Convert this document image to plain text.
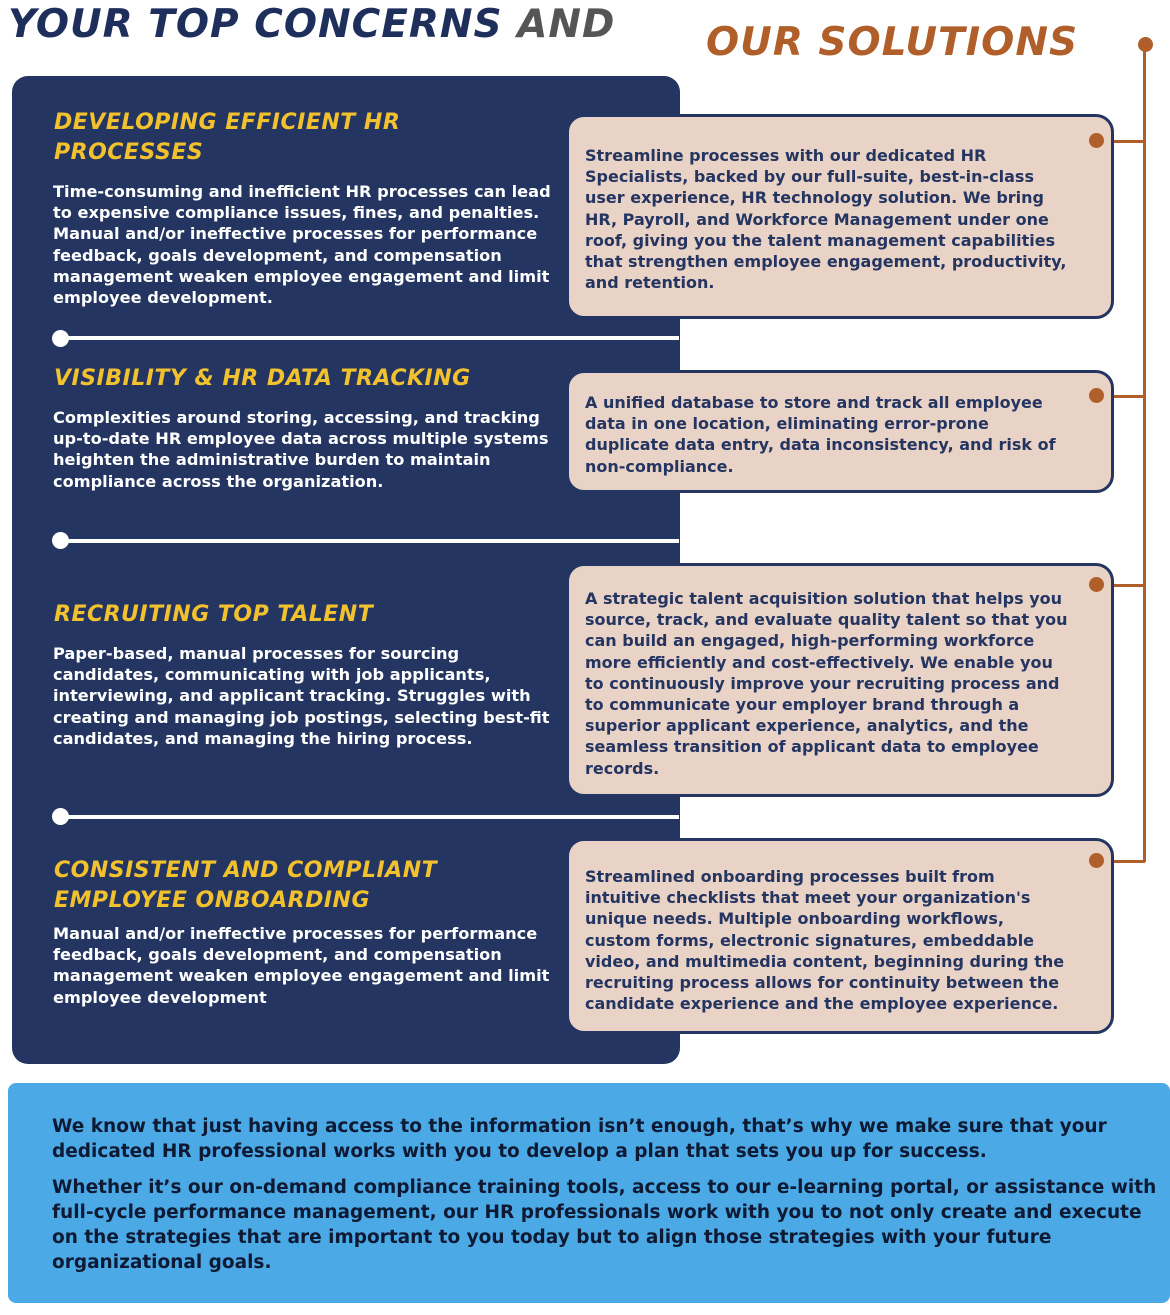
YOUR TOP CONCERNS AND OUR SOLUTIONS
DEVELOPING EFFICIENT HR PROCESSES

Time-consuming and inefficient HR processes can lead to expensive compliance issues, fines, and penalties. Manual and/or ineffective processes for performance feedback, goals development, and compensation management weaken employee engagement and limit employee development.

VISIBILITY & HR DATA TRACKING

Complexities around storing, accessing, and tracking up-to-date HR employee data across multiple systems heighten the administrative burden to maintain compliance across the organization.

RECRUITING TOP TALENT

Paper-based, manual processes for sourcing candidates, communicating with job applicants, interviewing, and applicant tracking. Struggles with creating and managing job postings, selecting best-fit candidates, and managing the hiring process.

CONSISTENT AND COMPLIANT EMPLOYEE ONBOARDING

Manual and/or ineffective processes for performance feedback, goals development, and compensation management weaken employee engagement and limit employee development

Streamline processes with our dedicated HR Specialists, backed by our full-suite, best-in-class user experience, HR technology solution. We bring HR, Payroll, and Workforce Management under one roof, giving you the talent management capabilities that strengthen employee engagement, productivity, and retention.

A unified database to store and track all employee data in one location, eliminating error-prone duplicate data entry, data inconsistency, and risk of non-compliance.

A strategic talent acquisition solution that helps you source, track, and evaluate quality talent so that you can build an engaged, high-performing workforce more efficiently and cost-effectively. We enable you to continuously improve your recruiting process and to communicate your employer brand through a superior applicant experience, analytics, and the seamless transition of applicant data to employee records.

Streamlined onboarding processes built from intuitive checklists that meet your organization's unique needs. Multiple onboarding workflows, custom forms, electronic signatures, embeddable video, and multimedia content, beginning during the recruiting process allows for continuity between the candidate experience and the employee experience.

We know that just having access to the information isn’t enough, that’s why we make sure that your dedicated HR professional works with you to develop a plan that sets you up for success.

Whether it’s our on-demand compliance training tools, access to our e-learning portal, or assistance with full-cycle performance management, our HR professionals work with you to not only create and execute on the strategies that are important to you today but to align those strategies with your future organizational goals.
